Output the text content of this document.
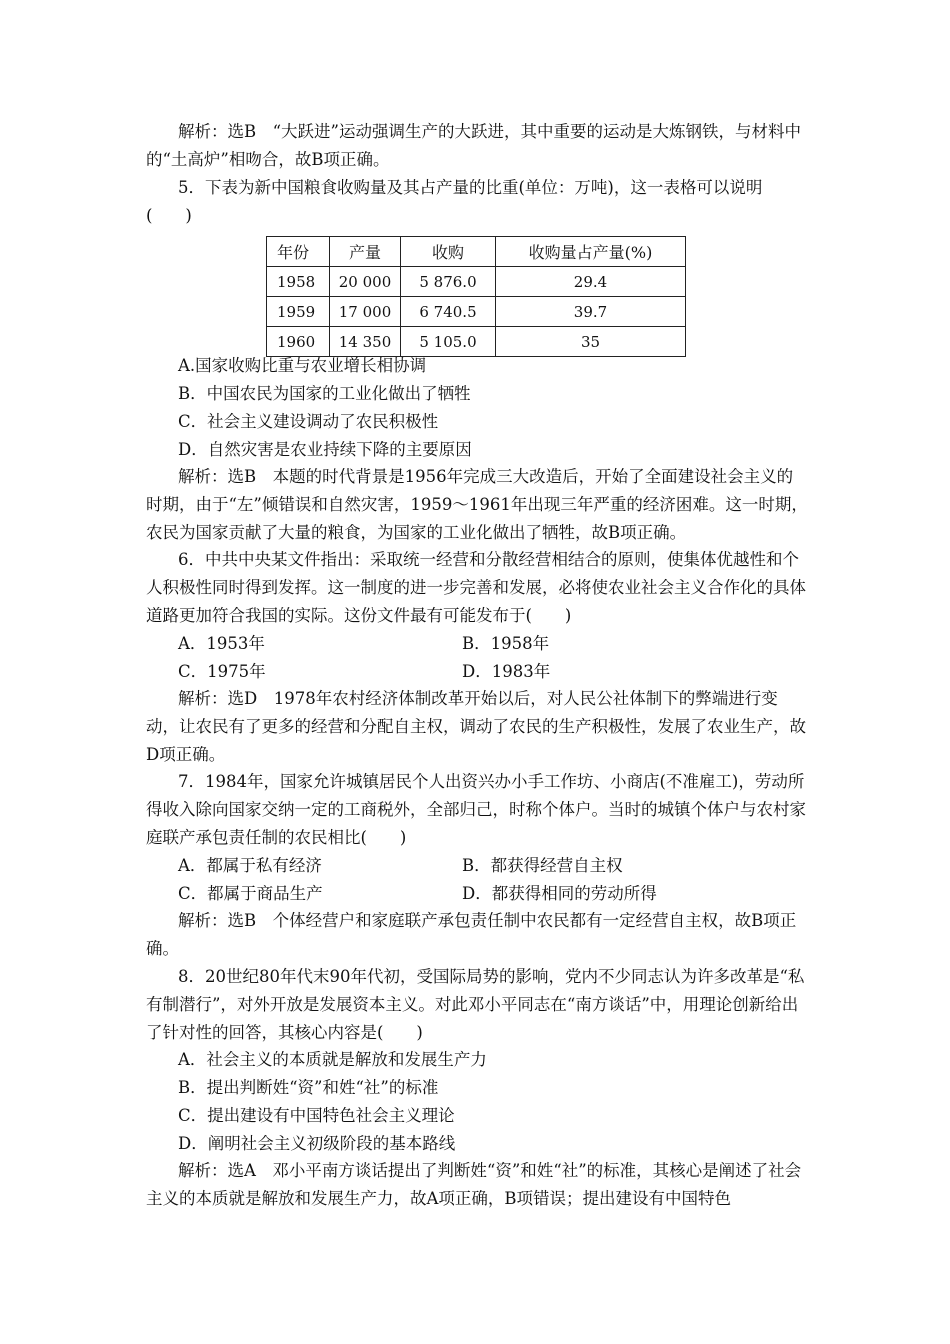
解析：选B　“大跃进”运动强调生产的大跃进，其中重要的运动是大炼钢铁，与材料中的“土高炉”相吻合，故B项正确。

5．下表为新中国粮食收购量及其占产量的比重(单位：万吨)，这一表格可以说明(　　)

年份	产量	收购	收购量占产量(%)
1958	20 000	5 876.0	29.4
1959	17 000	6 740.5	39.7
1960	14 350	5 105.0	35
A.国家收购比重与农业增长相协调
B．中国农民为国家的工业化做出了牺牲
C．社会主义建设调动了农民积极性
D．自然灾害是农业持续下降的主要原因

解析：选B　本题的时代背景是1956年完成三大改造后，开始了全面建设社会主义的时期，由于“左”倾错误和自然灾害，1959～1961年出现三年严重的经济困难。这一时期，农民为国家贡献了大量的粮食，为国家的工业化做出了牺牲，故B项正确。

6．中共中央某文件指出：采取统一经营和分散经营相结合的原则，使集体优越性和个人积极性同时得到发挥。这一制度的进一步完善和发展，必将使农业社会主义合作化的具体道路更加符合我国的实际。这份文件最有可能发布于(　　)

A．1953年	B．1958年
C．1975年	D．1983年

解析：选D　1978年农村经济体制改革开始以后，对人民公社体制下的弊端进行变动，让农民有了更多的经营和分配自主权，调动了农民的生产积极性，发展了农业生产，故D项正确。

7．1984年，国家允许城镇居民个人出资兴办小手工作坊、小商店(不准雇工)，劳动所得收入除向国家交纳一定的工商税外，全部归己，时称个体户。当时的城镇个体户与农村家庭联产承包责任制的农民相比(　　)

A．都属于私有经济	B．都获得经营自主权
C．都属于商品生产	D．都获得相同的劳动所得

解析：选B　个体经营户和家庭联产承包责任制中农民都有一定经营自主权，故B项正确。

8．20世纪80年代末90年代初，受国际局势的影响，党内不少同志认为许多改革是“私有制潜行”，对外开放是发展资本主义。对此邓小平同志在“南方谈话”中，用理论创新给出了针对性的回答，其核心内容是(　　)

A．社会主义的本质就是解放和发展生产力
B．提出判断姓“资”和姓“社”的标准
C．提出建设有中国特色社会主义理论
D．阐明社会主义初级阶段的基本路线

解析：选A　邓小平南方谈话提出了判断姓“资”和姓“社”的标准，其核心是阐述了社会主义的本质就是解放和发展生产力，故A项正确，B项错误；提出建设有中国特色
